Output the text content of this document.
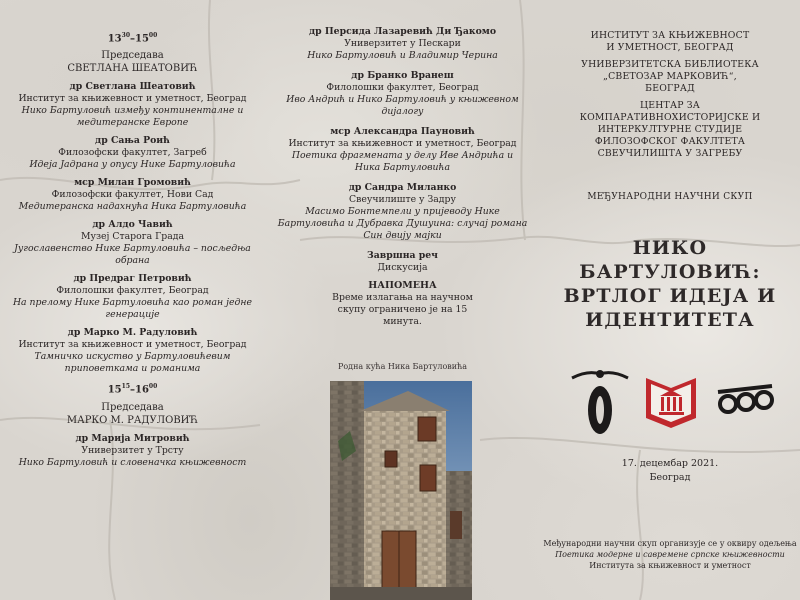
$13^{30}-15^{00}$
Председава
СВЕТЛАНА ШЕАТОВИЋ
др Светлана Шеатовић
Институт за књижевност и уметност, Београд
Нико Бартуловић између континенталне и медитеранске Европе
др Сања Роић
Филозофски факултет, Загреб
Идеја Јадрана у опусу Нике Бартуловића
мср Милан Громовић
Филозофски факултет, Нови Сад
Медитеранска надахнућа Ника Бартуловића
др Алдо Чавић
Музеј Старога Града
Југославенство Нике Бартуловића – посљедња обрана
др Предраг Петровић
Филолошки факултет, Београд
На прелому Нике Бартуловића као роман једне генерације
др Марко М. Радуловић
Институт за књижевност и уметност, Београд
Тамничко искуство у Бартуловићевим приповеткама и романима
$15^{15}-16^{00}$
Председава
МАРКО М. РАДУЛОВИЋ
др Марија Митровић
Универзитет у Трсту
Нико Бартуловић и словеначка књижевност
др Персида Лазаревић Ди Ђакомо
Универзитет у Пескари
Нико Бартуловић и Владимир Черина
др Бранко Вранеш
Филолошки факултет, Београд
Иво Андрић и Нико Бартуловић у књижевном дијалогу
мср Александра Пауновић
Институт за књижевност и уметност, Београд
Поетика фрагмената у делу Иве Андрића и Ника Бартуловића
др Сандра Миланко
Свеучилиште у Задру
Масимо Бонтемпели у пријеводу Нике Бартуловића и Дубравка Душуина: случај романа Син двију мајки
Завршна реч
Дискусија
НАПОМЕНА
Време излагања на научном скупу ограничено је на 15 минута.
Родна кућа Ника Бартуловића
ИНСТИТУТ ЗА КЊИЖЕВНОСТ И УМЕТНОСТ, БЕОГРАД
УНИВЕРЗИТЕТСКА БИБЛИОТЕКА „СВЕТОЗАР МАРКОВИЋ“, БЕОГРАД
ЦЕНТАР ЗА КОМПАРАТИВНОХИСТОРИЈСКЕ И ИНТЕРКУЛТУРНЕ СТУДИЈЕ ФИЛОЗОФСКОГ ФАКУЛТЕТА СВЕУЧИЛИШТА У ЗАГРЕБУ
МЕЂУНАРОДНИ НАУЧНИ СКУП
НИКО БАРТУЛОВИЋ:
ВРТЛОГ ИДЕЈА И
ИДЕНТИТЕТА
17. децембар 2021.
Београд
Међународни научни скуп организује се у оквиру одељења
Поетика модерне и савремене српске књижевности
Института за књижевност и уметност
